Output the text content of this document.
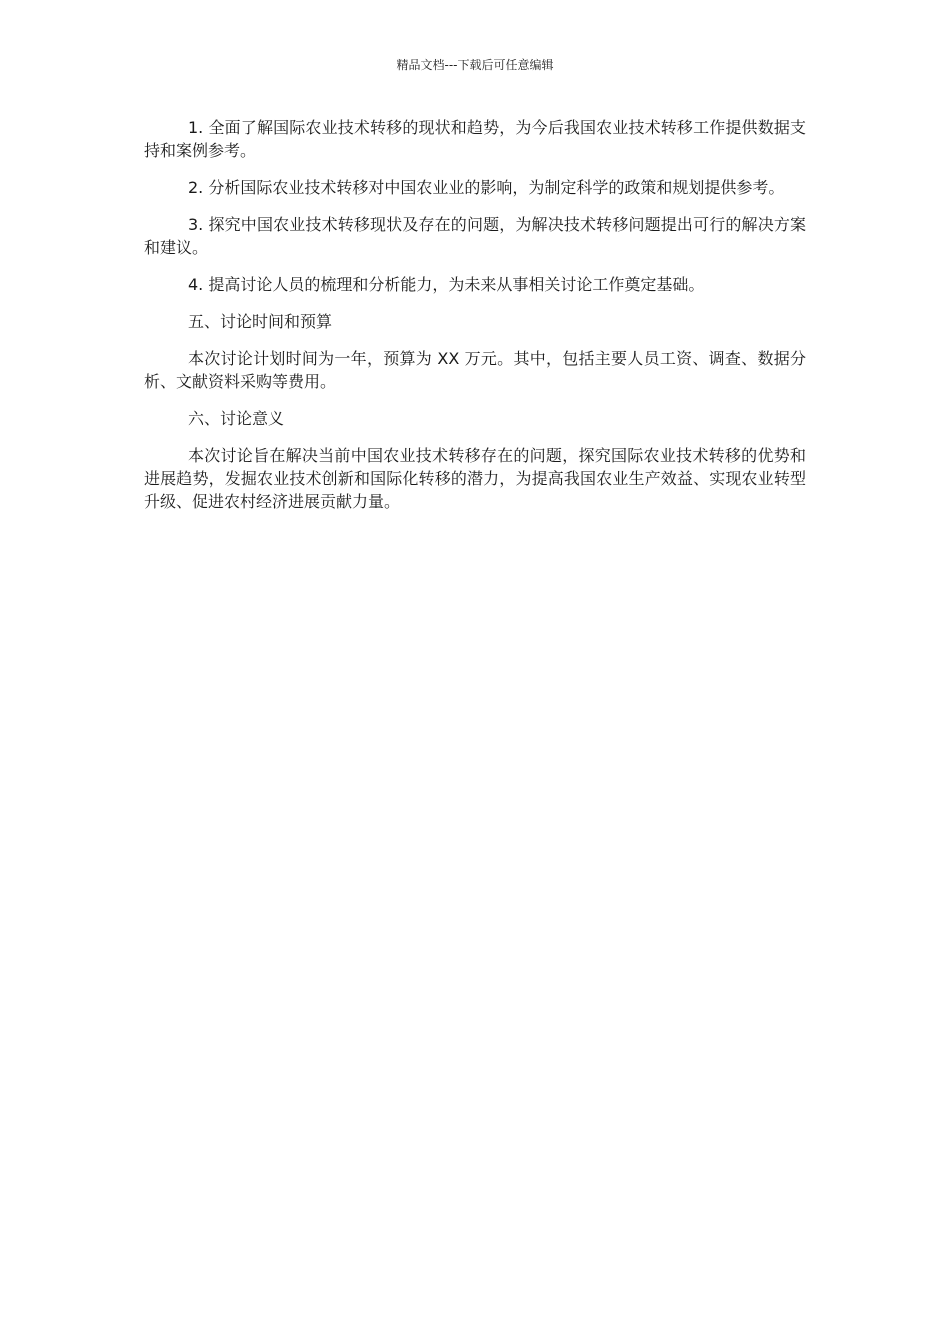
精品文档---下载后可任意编辑

1. 全面了解国际农业技术转移的现状和趋势，为今后我国农业技术转移工作提供数据支持和案例参考。

2. 分析国际农业技术转移对中国农业业的影响，为制定科学的政策和规划提供参考。

3. 探究中国农业技术转移现状及存在的问题，为解决技术转移问题提出可行的解决方案和建议。

4. 提高讨论人员的梳理和分析能力，为未来从事相关讨论工作奠定基础。

五、讨论时间和预算

本次讨论计划时间为一年，预算为 XX 万元。其中，包括主要人员工资、调查、数据分析、文献资料采购等费用。

六、讨论意义

本次讨论旨在解决当前中国农业技术转移存在的问题，探究国际农业技术转移的优势和进展趋势，发掘农业技术创新和国际化转移的潜力，为提高我国农业生产效益、实现农业转型升级、促进农村经济进展贡献力量。
